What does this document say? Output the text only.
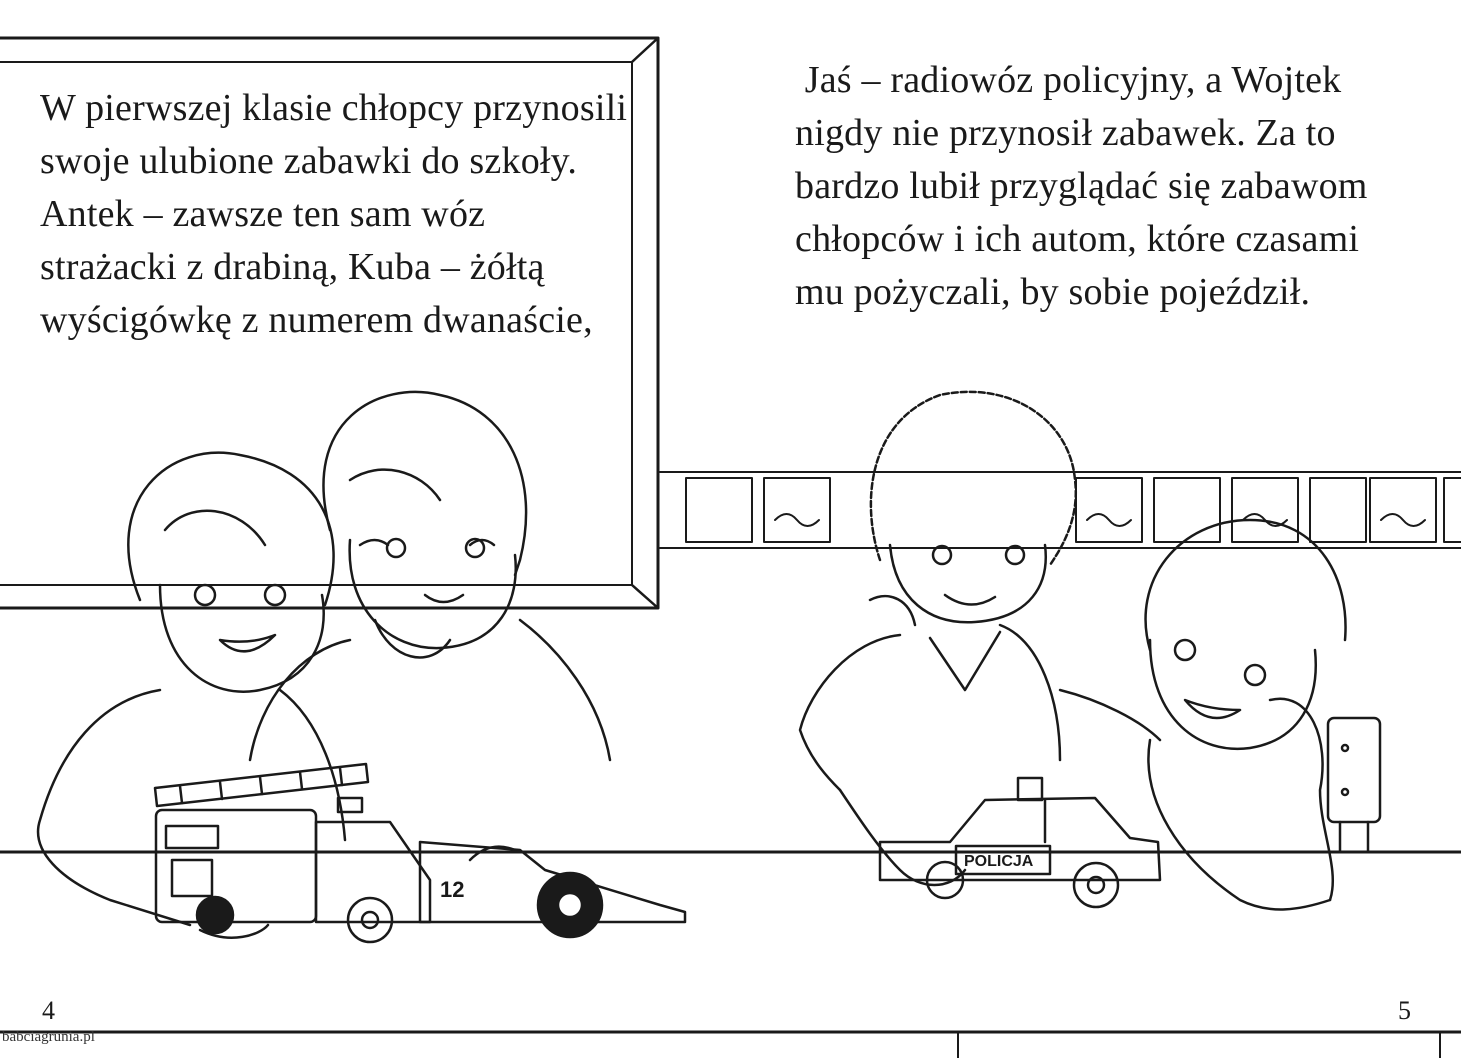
12
POLICJA
W pierwszej klasie chłopcy przynosili
swoje ulubione zabawki do szkoły.
Antek – zawsze ten sam wóz
strażacki z drabiną, Kuba – żółtą
wyścigówkę z numerem dwanaście,
Jaś – radiowóz policyjny, a Wojtek
nigdy nie przynosił zabawek. Za to
bardzo lubił przyglądać się zabawom
chłopców i ich autom, które czasami
mu pożyczali, by sobie pojeździł.
4	5
babciagrunia.pl
